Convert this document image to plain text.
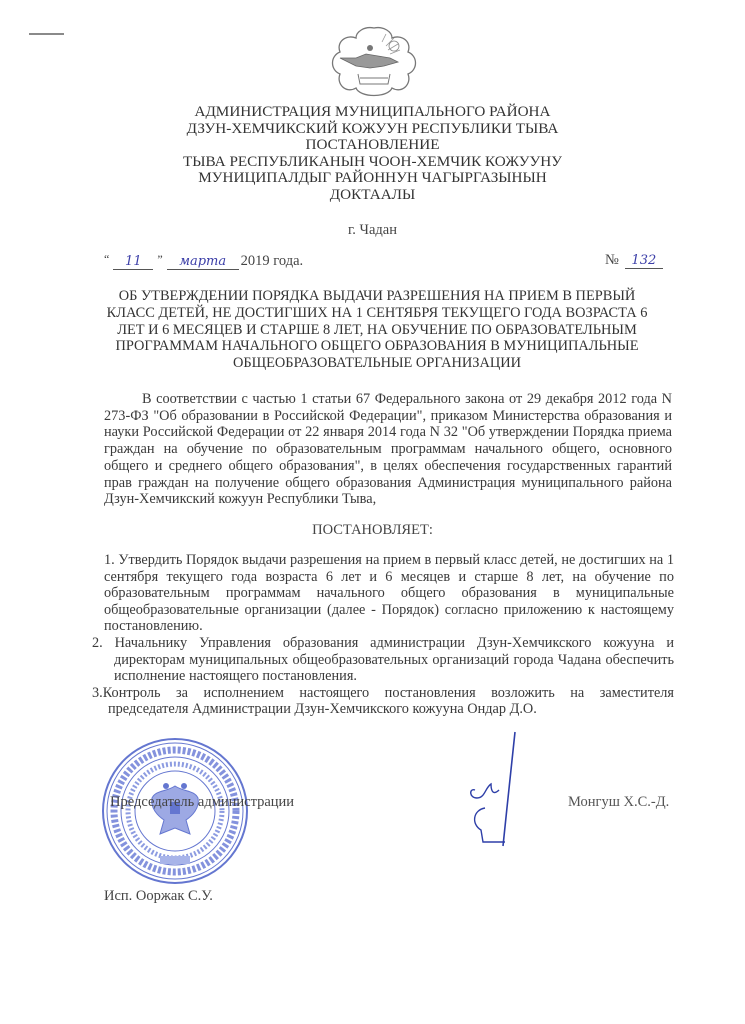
АДМИНИСТРАЦИЯ МУНИЦИПАЛЬНОГО РАЙОНА
ДЗУН-ХЕМЧИКСКИЙ КОЖУУН РЕСПУБЛИКИ ТЫВА
ПОСТАНОВЛЕНИЕ
ТЫВА РЕСПУБЛИКАНЫН ЧООН-ХЕМЧИК КОЖУУНУ
МУНИЦИПАЛДЫГ РАЙОННУН ЧАГЫРГАЗЫНЫН
ДОКТААЛЫ
г. Чадан
“ 11 ” марта 2019 года.	№ 132
ОБ УТВЕРЖДЕНИИ ПОРЯДКА ВЫДАЧИ РАЗРЕШЕНИЯ НА ПРИЕМ В ПЕРВЫЙ
КЛАСС ДЕТЕЙ, НЕ ДОСТИГШИХ НА 1 СЕНТЯБРЯ ТЕКУЩЕГО ГОДА ВОЗРАСТА 6
ЛЕТ И 6 МЕСЯЦЕВ И СТАРШЕ 8 ЛЕТ, НА ОБУЧЕНИЕ ПО ОБРАЗОВАТЕЛЬНЫМ
ПРОГРАММАМ НАЧАЛЬНОГО ОБЩЕГО ОБРАЗОВАНИЯ В МУНИЦИПАЛЬНЫЕ
ОБЩЕОБРАЗОВАТЕЛЬНЫЕ ОРГАНИЗАЦИИ
В соответствии с частью 1 статьи 67 Федерального закона от 29 декабря 2012 года N 273-ФЗ "Об образовании в Российской Федерации", приказом Министерства образования и науки Российской Федерации от 22 января 2014 года N 32 "Об утверждении Порядка приема граждан на обучение по образовательным программам начального общего, основного общего и среднего общего образования", в целях обеспечения государственных гарантий прав граждан на получение общего образования Администрация муниципального района Дзун-Хемчикский кожуун Республики Тыва,
ПОСТАНОВЛЯЕТ:
1. Утвердить Порядок выдачи разрешения на прием в первый класс детей, не достигших на 1 сентября текущего года возраста 6 лет и 6 месяцев и старше 8 лет, на обучение по образовательным программам начального общего образования в муниципальные общеобразовательные организации (далее - Порядок) согласно приложению к настоящему постановлению.
2. Начальнику Управления образования администрации Дзун-Хемчикского кожууна и директорам муниципальных общеобразовательных организаций города Чадана обеспечить исполнение настоящего постановления.
3.Контроль за исполнением настоящего постановления возложить на заместителя председателя Администрации Дзун-Хемчикского кожууна Ондар Д.О.
Председатель администрации	Монгуш Х.С.-Д.
Исп. Ооржак С.У.
